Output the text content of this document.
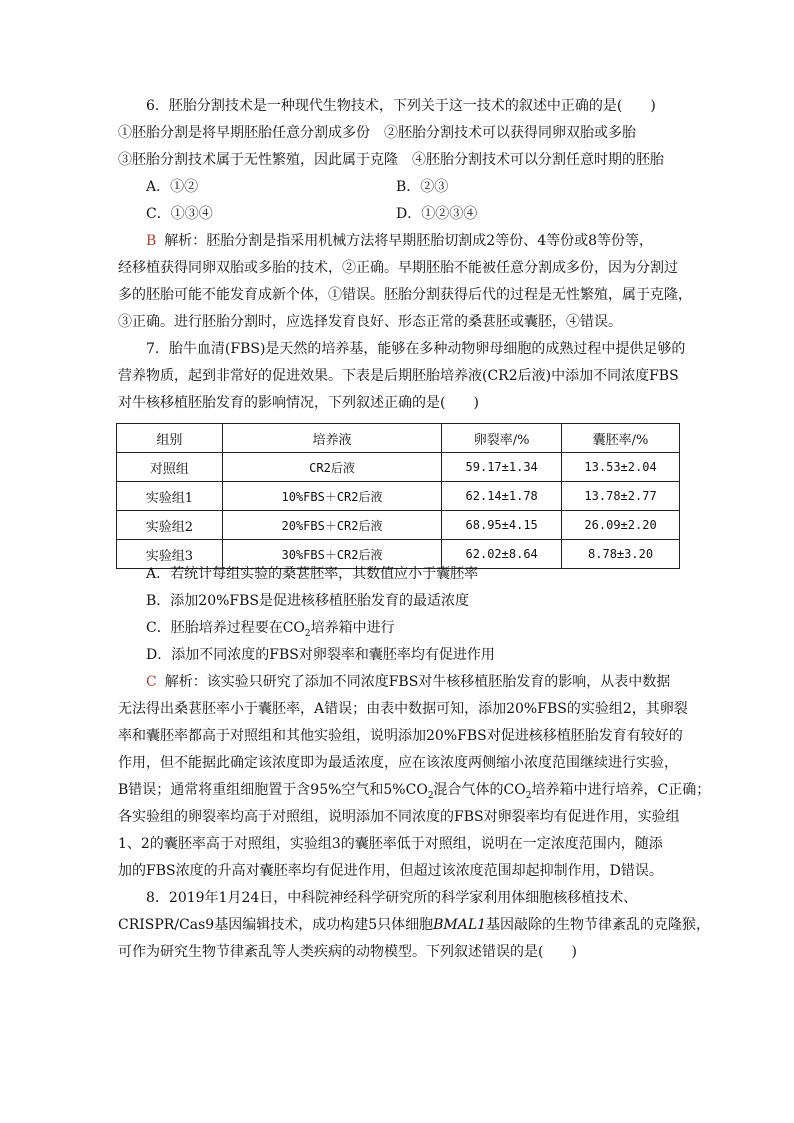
6．胚胎分割技术是一种现代生物技术，下列关于这一技术的叙述中正确的是(　　)
①胚胎分割是将早期胚胎任意分割成多份　②胚胎分割技术可以获得同卵双胎或多胎
③胚胎分割技术属于无性繁殖，因此属于克隆　④胚胎分割技术可以分割任意时期的胚胎
A．①②	B．②③
C．①③④	D．①②③④
B 解析：胚胎分割是指采用机械方法将早期胚胎切割成2等份、4等份或8等份等，
经移植获得同卵双胎或多胎的技术，②正确。早期胚胎不能被任意分割成多份，因为分割过
多的胚胎可能不能发育成新个体，①错误。胚胎分割获得后代的过程是无性繁殖，属于克隆，
③正确。进行胚胎分割时，应选择发育良好、形态正常的桑葚胚或囊胚，④错误。
7．胎牛血清(FBS)是天然的培养基，能够在多种动物卵母细胞的成熟过程中提供足够的
营养物质，起到非常好的促进效果。下表是后期胚胎培养液(CR2后液)中添加不同浓度FBS
对牛核移植胚胎发育的影响情况，下列叙述正确的是(　　)
组别	培养液	卵裂率/%	囊胚率/%
对照组	CR2后液	59.17±1.34	13.53±2.04
实验组1	10%FBS＋CR2后液	62.14±1.78	13.78±2.77
实验组2	20%FBS＋CR2后液	68.95±4.15	26.09±2.20
实验组3	30%FBS＋CR2后液	62.02±8.64	8.78±3.20
A．若统计每组实验的桑葚胚率，其数值应小于囊胚率
B．添加20%FBS是促进核移植胚胎发育的最适浓度
C．胚胎培养过程要在$CO_2$培养箱中进行
D．添加不同浓度的FBS对卵裂率和囊胚率均有促进作用
C 解析：该实验只研究了添加不同浓度FBS对牛核移植胚胎发育的影响，从表中数据
无法得出桑葚胚率小于囊胚率，A错误；由表中数据可知，添加20%FBS的实验组2，其卵裂
率和囊胚率都高于对照组和其他实验组，说明添加20%FBS对促进核移植胚胎发育有较好的
作用，但不能据此确定该浓度即为最适浓度，应在该浓度两侧缩小浓度范围继续进行实验，
B错误；通常将重组细胞置于含95%空气和$5\%CO_2$混合气体的$CO_2$培养箱中进行培养，C正确；
各实验组的卵裂率均高于对照组，说明添加不同浓度的FBS对卵裂率均有促进作用，实验组
1、2的囊胚率高于对照组，实验组3的囊胚率低于对照组，说明在一定浓度范围内，随添
加的FBS浓度的升高对囊胚率均有促进作用，但超过该浓度范围却起抑制作用，D错误。
8．2019年1月24日，中科院神经科学研究所的科学家利用体细胞核移植技术、
CRISPR/Cas9基因编辑技术，成功构建5只体细胞BMAL1基因敲除的生物节律紊乱的克隆猴，
可作为研究生物节律紊乱等人类疾病的动物模型。下列叙述错误的是(　　)
